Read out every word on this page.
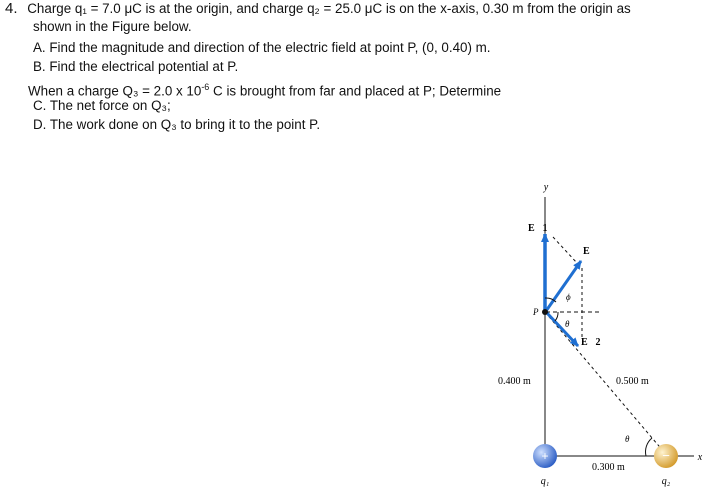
4. Charge q₁ = 7.0 μC is at the origin, and charge q₂ = 25.0 μC is on the x-axis, 0.30 m from the origin as
shown in the Figure below.
A. Find the magnitude and direction of the electric field at point P, (0, 0.40) m.
B. Find the electrical potential at P.
When a charge Q₃ = 2.0 x $10^{-6}$ C is brought from far and placed at P; Determine
C. The net force on Q₃;
D. The work done on Q₃ to bring it to the point P.
+	−
y
x
E⃗1
E⃗
E⃗2
P
ϕ
θ
θ
0.400 m	0.500 m
0.300 m
q₁	q₂
